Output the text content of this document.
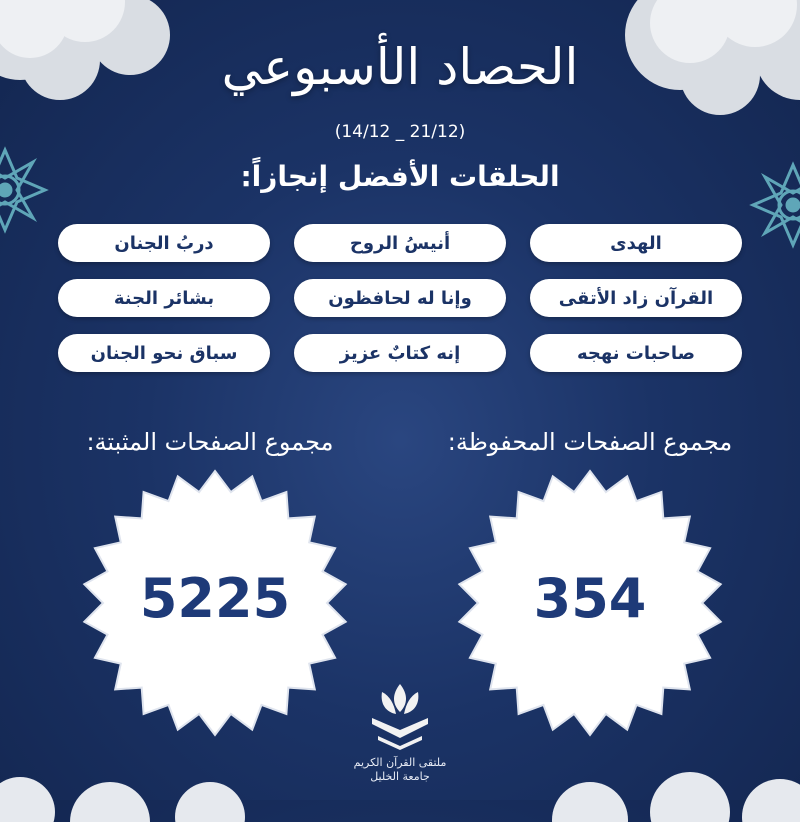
الحصاد الأسبوعي
(14/12 _ 21/12)
الحلقات الأفضل إنجازاً:
الهدى
أنيسُ الروح
دربُ الجنان
القرآن زاد الأتقى
وإنا له لحافظون
بشائر الجنة
صاحبات نهجه
إنه كتابٌ عزيز
سباق نحو الجنان
مجموع الصفحات المحفوظة:
مجموع الصفحات المثبتة:
5225	354
ملتقى القرآن الكريم
جامعة الخليل
